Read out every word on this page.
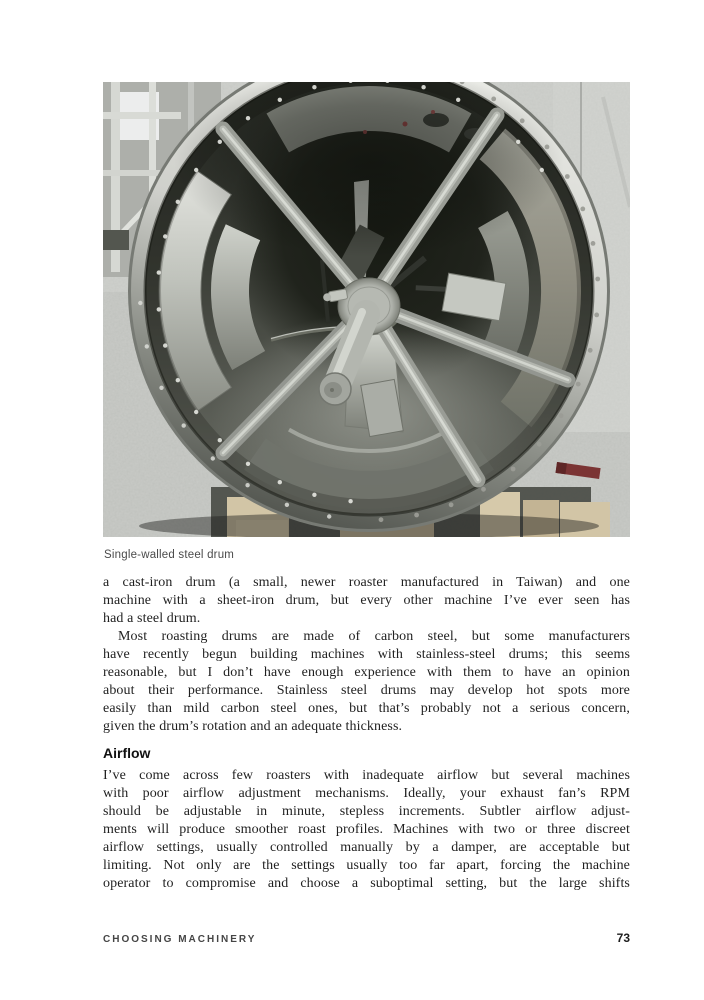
Single-walled steel drum
a cast-iron drum (a small, newer roaster manufactured in Taiwan) and one
machine with a sheet-iron drum, but every other machine I’ve ever seen has
had a steel drum.
Most roasting drums are made of carbon steel, but some manufacturers
have recently begun building machines with stainless-steel drums; this seems
reasonable, but I don’t have enough experience with them to have an opinion
about their performance. Stainless steel drums may develop hot spots more
easily than mild carbon steel ones, but that’s probably not a serious concern,
given the drum’s rotation and an adequate thickness.
Airflow
I’ve come across few roasters with inadequate airflow but several machines
with poor airflow adjustment mechanisms. Ideally, your exhaust fan’s RPM
should be adjustable in minute, stepless increments. Subtler airflow adjust-
ments will produce smoother roast profiles. Machines with two or three discreet
airflow settings, usually controlled manually by a damper, are acceptable but
limiting. Not only are the settings usually too far apart, forcing the machine
operator to compromise and choose a suboptimal setting, but the large shifts
CHOOSING MACHINERY	73
